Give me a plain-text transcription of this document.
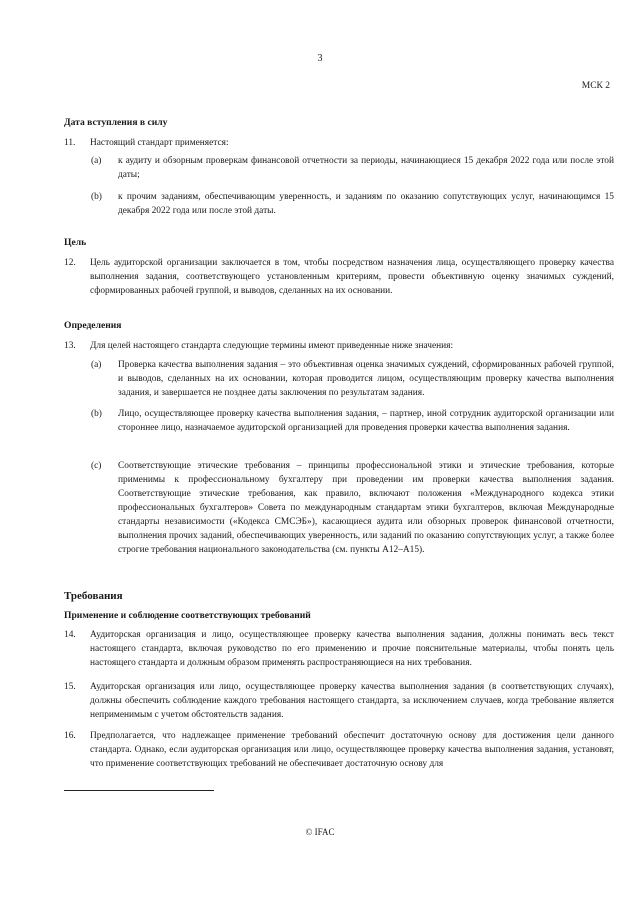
3
МСК 2
Дата вступления в силу
11. Настоящий стандарт применяется:
(a) к аудиту и обзорным проверкам финансовой отчетности за периоды, начинающиеся 15 декабря 2022 года или после этой даты;
(b) к прочим заданиям, обеспечивающим уверенность, и заданиям по оказанию сопутствующих услуг, начинающимся 15 декабря 2022 года или после этой даты.
Цель
12. Цель аудиторской организации заключается в том, чтобы посредством назначения лица, осуществляющего проверку качества выполнения задания, соответствующего установленным критериям, провести объективную оценку значимых суждений, сформированных рабочей группой, и выводов, сделанных на их основании.
Определения
13. Для целей настоящего стандарта следующие термины имеют приведенные ниже значения:
(a) Проверка качества выполнения задания – это объективная оценка значимых суждений, сформированных рабочей группой, и выводов, сделанных на их основании, которая проводится лицом, осуществляющим проверку качества выполнения задания, и завершается не позднее даты заключения по результатам задания.
(b) Лицо, осуществляющее проверку качества выполнения задания, – партнер, иной сотрудник аудиторской организации или стороннее лицо, назначаемое аудиторской организацией для проведения проверки качества выполнения задания.
(c) Соответствующие этические требования – принципы профессиональной этики и этические требования, которые применимы к профессиональному бухгалтеру при проведении им проверки качества выполнения задания. Соответствующие этические требования, как правило, включают положения «Международного кодекса этики профессиональных бухгалтеров» Совета по международным стандартам этики бухгалтеров, включая Международные стандарты независимости («Кодекса СМСЭБ»), касающиеся аудита или обзорных проверок финансовой отчетности, выполнения прочих заданий, обеспечивающих уверенность, или заданий по оказанию сопутствующих услуг, а также более строгие требования национального законодательства (см. пункты A12–A15).
Требования
Применение и соблюдение соответствующих требований
14. Аудиторская организация и лицо, осуществляющее проверку качества выполнения задания, должны понимать весь текст настоящего стандарта, включая руководство по его применению и прочие пояснительные материалы, чтобы понять цель настоящего стандарта и должным образом применять распространяющиеся на них требования.
15. Аудиторская организация или лицо, осуществляющее проверку качества выполнения задания (в соответствующих случаях), должны обеспечить соблюдение каждого требования настоящего стандарта, за исключением случаев, когда требование является неприменимым с учетом обстоятельств задания.
16. Предполагается, что надлежащее применение требований обеспечит достаточную основу для достижения цели данного стандарта. Однако, если аудиторская организация или лицо, осуществляющее проверку качества выполнения задания, установят, что применение соответствующих требований не обеспечивает достаточную основу для
© IFAC
